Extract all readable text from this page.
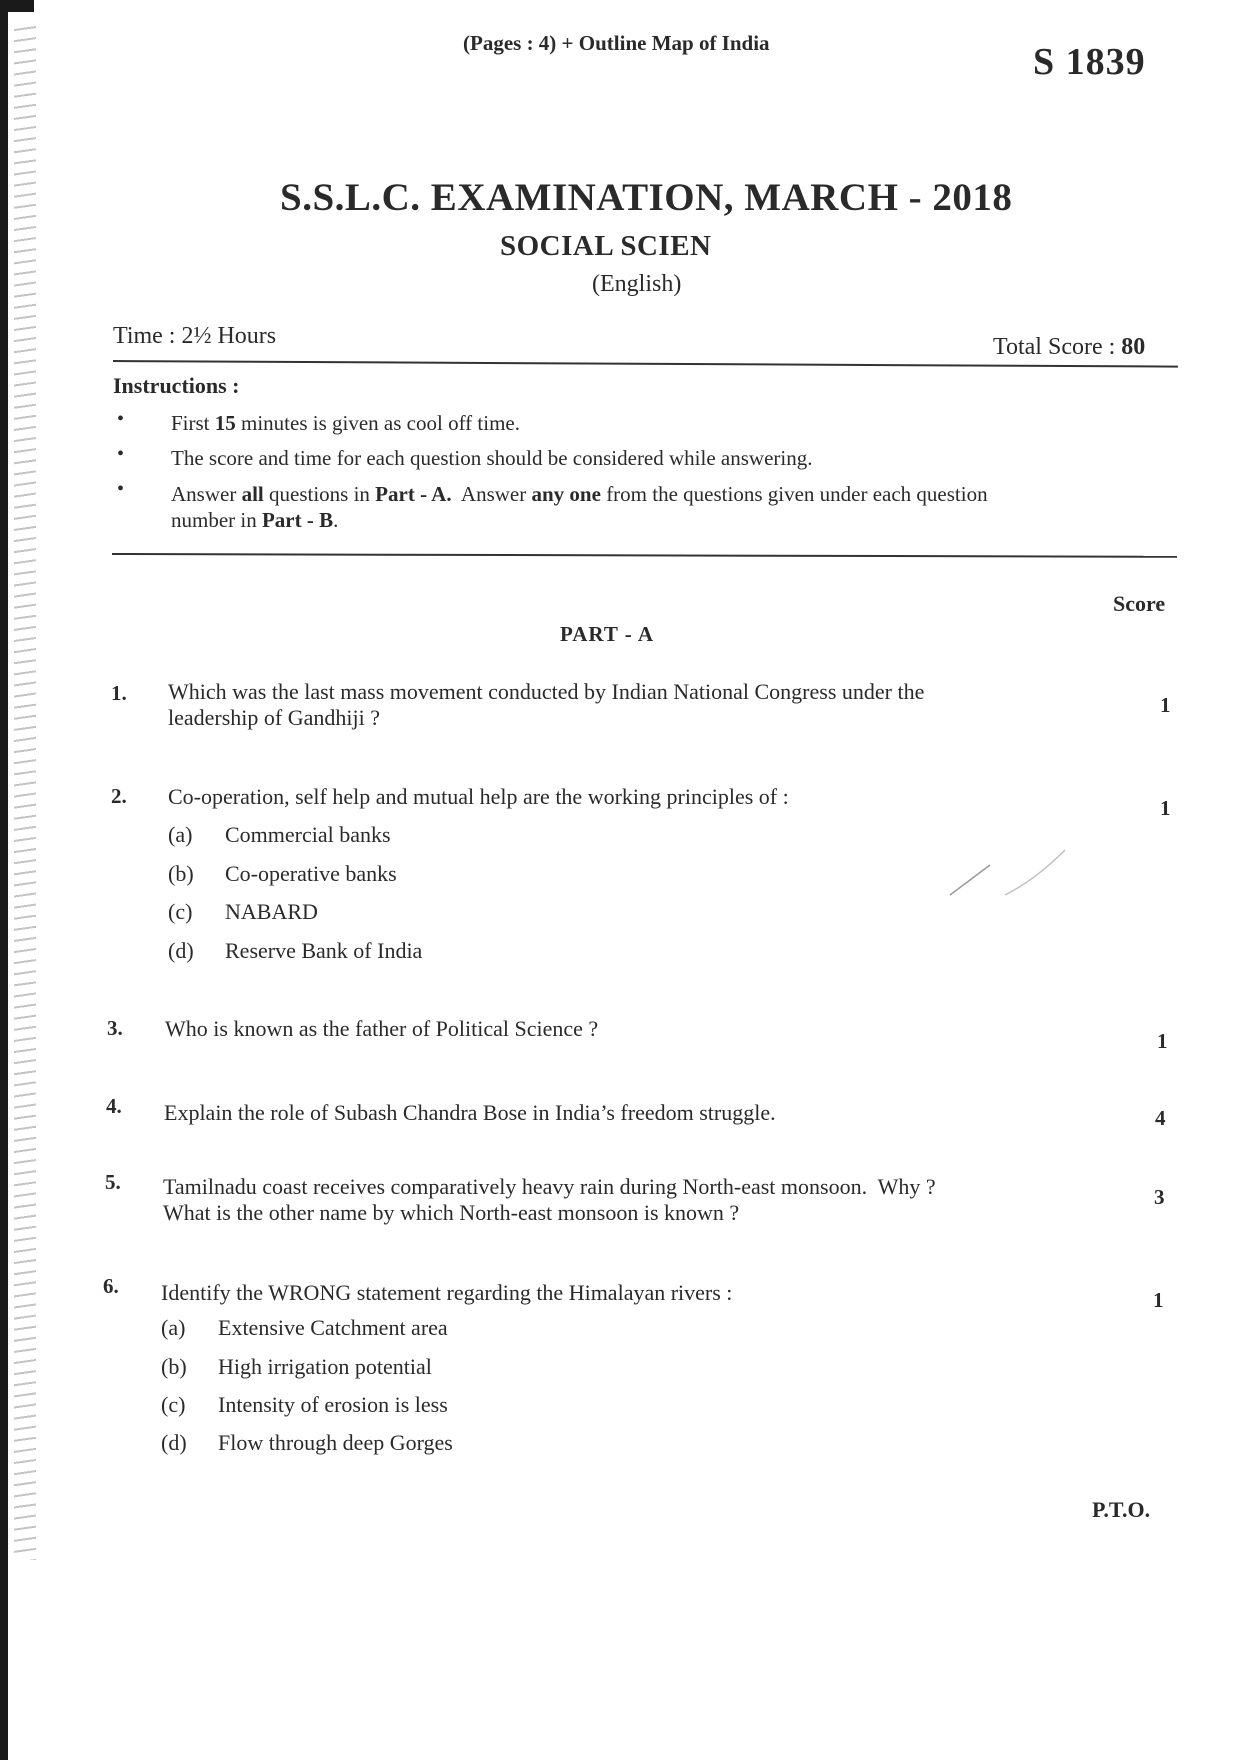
(Pages : 4) + Outline Map of India	S 1839
S.S.L.C. EXAMINATION, MARCH - 2018
SOCIAL SCIEN
(English)
Time : 2½ Hours	Total Score : 80
Instructions :
• First 15 minutes is given as cool off time.
• The score and time for each question should be considered while answering.
• Answer all questions in Part - A.  Answer any one from the questions given under each question
number in Part - B.
Score
PART - A
1. Which was the last mass movement conducted by Indian National Congress under the
leadership of Gandhiji ?	1
2. Co-operation, self help and mutual help are the working principles of :	1
(a) Commercial banks
(b) Co-operative banks
(c) NABARD
(d) Reserve Bank of India
3. Who is known as the father of Political Science ?	1
4. Explain the role of Subash Chandra Bose in India’s freedom struggle.	4
5. Tamilnadu coast receives comparatively heavy rain during North-east monsoon.  Why ?
What is the other name by which North-east monsoon is known ?
3
6. Identify the WRONG statement regarding the Himalayan rivers :	1
(a) Extensive Catchment area
(b) High irrigation potential
(c) Intensity of erosion is less
(d) Flow through deep Gorges
P.T.O.
